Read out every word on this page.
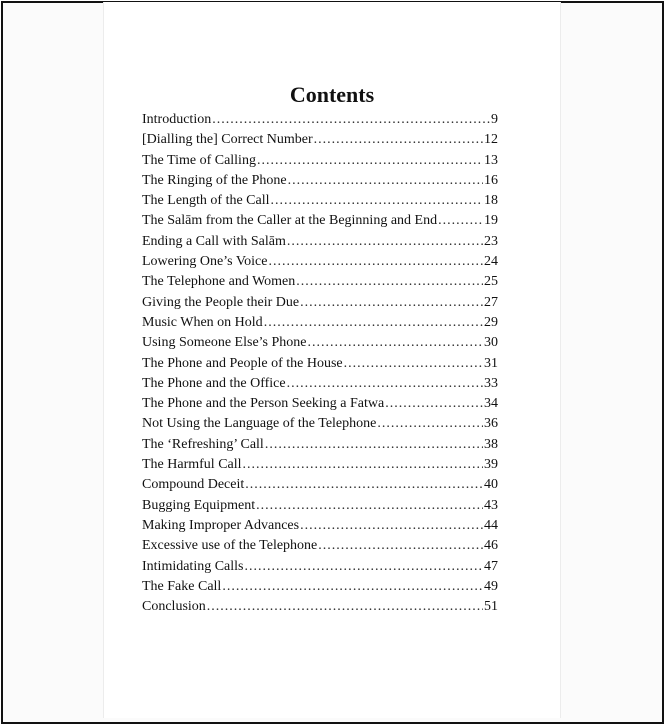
Contents
Introduction .....	9
[Dialling the] Correct Number .....	12
The Time of Calling .....	13
The Ringing of the Phone .....	16
The Length of the Call .....	18
The Salām from the Caller at the Beginning and End .....	19
Ending a Call with Salām .....	23
Lowering One’s Voice .....	24
The Telephone and Women .....	25
Giving the People their Due .....	27
Music When on Hold .....	29
Using Someone Else’s Phone .....	30
The Phone and People of the House .....	31
The Phone and the Office .....	33
The Phone and the Person Seeking a Fatwa .....	34
Not Using the Language of the Telephone .....	36
The ‘Refreshing’ Call .....	38
The Harmful Call .....	39
Compound Deceit .....	40
Bugging Equipment .....	43
Making Improper Advances .....	44
Excessive use of the Telephone .....	46
Intimidating Calls .....	47
The Fake Call .....	49
Conclusion .....	51
